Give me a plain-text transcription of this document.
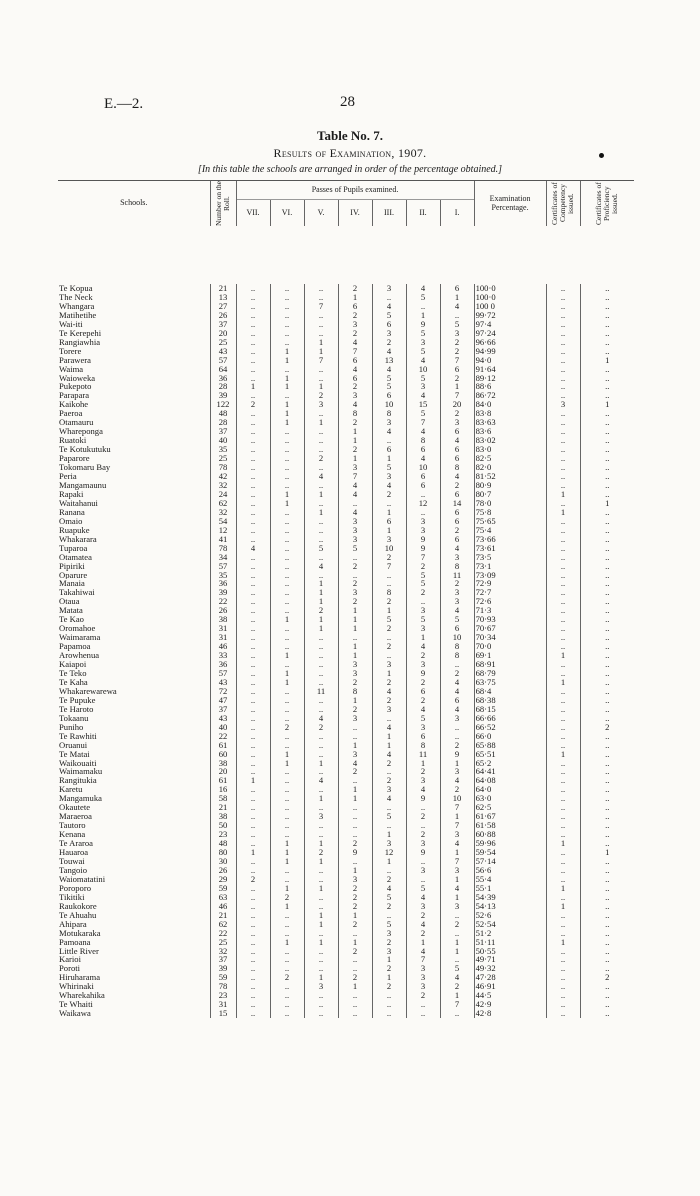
E.—2.	28
Table No. 7.
Results of Examination, 1907.
[In this table the schools are arranged in order of the percentage obtained.]
Schools.	Number on the Roll.	Passes of Pupils examined.							Examination Percentage.	Certificates of Competency issued.	Certificates of Proficiency issued.

		VII.	VI.	V.	IV.	III.	II.	I.			

Te Kopua	21	..	..	..	2	3	4	6	100·0	..	..
The Neck	13	..	..	..	1	..	5	1	100·0	..	..
Whangara	27	..	..	7	6	4	..	4	100 0	..	..
Matihetihe	26	..	..	..	2	5	1	..	99·72	..	..
Wai-iti	37	..	..	..	3	6	9	5	97·4	..	..
Te Kerepehi	20	..	..	..	2	3	5	3	97·24	..	..
Rangiawhia	25	..	..	1	4	2	3	2	96·66	..	..
Torere	43	..	1	1	7	4	5	2	94·99	..	..
Parawera	57	..	1	7	6	13	4	7	94·0	..	1
Waima	64	..	..	..	4	4	10	6	91·64	..	..
Waioweka	36	..	1	..	6	5	5	2	89·12	..	..
Pukepoto	28	1	1	1	2	5	3	1	88·6	..	..
Parapara	39	..	..	2	3	6	4	7	86·72	..	..
Kaikohe	122	2	1	3	4	10	15	20	84·0	3	1
Paeroa	48	..	1	..	8	8	5	2	83·8	..	..
Otamauru	28	..	1	1	2	3	7	3	83·63	..	..
Whareponga	37	..	..	..	1	4	4	6	83·6	..	..
Ruatoki	40	..	..	..	1	..	8	4	83·02	..	..
Te Kotukutuku	35	..	..	..	2	6	6	6	83·0	..	..
Paparore	25	..	..	2	1	1	4	6	82·5	..	..
Tokomaru Bay	78	..	..	..	3	5	10	8	82·0	..	..
Peria	42	..	..	4	7	3	6	4	81·52	..	..
Mangamaunu	32	..	..	..	4	4	6	2	80·9	..	..
Rapaki	24	..	1	1	4	2	..	6	80·7	1	..
Waitahanui	62	..	1	..	..	..	12	14	78·0	..	1
Ranana	32	..	..	1	4	1	..	6	75·8	1	..
Omaio	54	..	..	..	3	6	3	6	75·65	..	..
Ruapuke	12	..	..	..	3	1	3	2	75·4	..	..
Whakarara	41	..	..	..	3	3	9	6	73·66	..	..
Tuparoa	78	4	..	5	5	10	9	4	73·61	..	..
Otamatea	34	..	..	..	..	2	7	3	73·5	..	..
Pipiriki	57	..	..	4	2	7	2	8	73·1	..	..
Oparure	35	..	..	..	..	..	5	11	73·09	..	..
Manaia	36	..	..	1	2	..	5	2	72·9	..	..
Takahiwai	39	..	..	1	3	8	2	3	72·7	..	..
Otaua	22	..	..	1	2	2	..	3	72·6	..	..
Matata	26	..	..	2	1	1	3	4	71·3	..	..
Te Kao	38	..	1	1	1	5	5	5	70·93	..	..
Oromahoe	31	..	..	1	1	2	3	6	70·67	..	..
Waimarama	31	..	..	..	..	..	1	10	70·34	..	..
Papamoa	46	..	..	..	1	2	4	8	70·0	..	..
Arowhenua	33	..	1	..	1	..	2	8	69·1	1	..
Kaiapoi	36	..	..	..	3	3	3	..	68·91	..	..
Te Teko	57	..	1	..	3	1	9	2	68·79	..	..
Te Kaha	43	..	1	..	2	2	2	4	63·75	1	..
Whakarewarewa	72	..	..	11	8	4	6	4	68·4	..	..
Te Pupuke	47	..	..	..	1	2	2	6	68·38	..	..
Te Haroto	37	..	..	..	2	3	4	4	68·15	..	..
Tokaanu	43	..	..	4	3	..	5	3	66·66	..	..
Puniho	40	..	2	2	..	4	3	..	66·52	..	2
Te Rawhiti	22	..	..	..	..	1	6	..	66·0	..	..
Oruanui	61	..	..	..	1	1	8	2	65·88	..	..
Te Matai	60	..	1	..	3	4	11	9	65·51	1	..
Waikouaiti	38	..	1	1	4	2	1	1	65·2	..	..
Waimamaku	20	..	..	..	2	..	2	3	64·41	..	..
Rangitukia	61	1	..	4	..	2	3	4	64·08	..	..
Karetu	16	..	..	..	1	3	4	2	64·0	..	..
Mangamuka	58	..	..	1	1	4	9	10	63·0	..	..
Okautete	21	..	..	..	..	..	..	7	62·5	..	..
Maraeroa	38	..	..	3	..	5	2	1	61·67	..	..
Tautoro	50	..	..	..	..	..	..	7	61·58	..	..
Kenana	23	..	..	..	..	1	2	3	60·88	..	..
Te Araroa	48	..	1	1	2	3	3	4	59·96	1	..
Hauaroa	80	1	1	2	9	12	9	1	59·54	..	1
Touwai	30	..	1	1	..	1	..	7	57·14	..	..
Tangoio	26	..	..	..	1	..	3	3	56·6	..	..
Waiomatatini	29	2	..	..	3	2	..	1	55·4	..	..
Poroporo	59	..	1	1	2	4	5	4	55·1	1	..
Tikitiki	63	..	2	..	2	5	4	1	54·39	..	..
Raukokore	46	..	1	..	2	2	3	3	54·13	1	..
Te Ahuahu	21	..	..	1	1	..	2	..	52·6	..	..
Ahipara	62	..	..	1	2	5	4	2	52·54	..	..
Motukaraka	22	..	..	..	..	3	2	..	51·2	..	..
Pamoana	25	..	1	1	1	2	1	1	51·11	1	..
Little River	32	..	..	..	2	3	4	1	50·55	..	..
Karioi	37	..	..	..	..	1	7	..	49·71	..	..
Poroti	39	..	..	..	..	2	3	5	49·32	..	..
Hiruharama	59	..	2	1	2	1	3	4	47·28	..	2
Whirinaki	78	..	..	3	1	2	3	2	46·91	..	..
Wharekahika	23	..	..	..	..	..	2	1	44·5	..	..
Te Whaiti	31	..	..	..	..	..	..	7	42·9	..	..
Waikawa	15	..	..	..	..	..	..	..	42·8	..	..
